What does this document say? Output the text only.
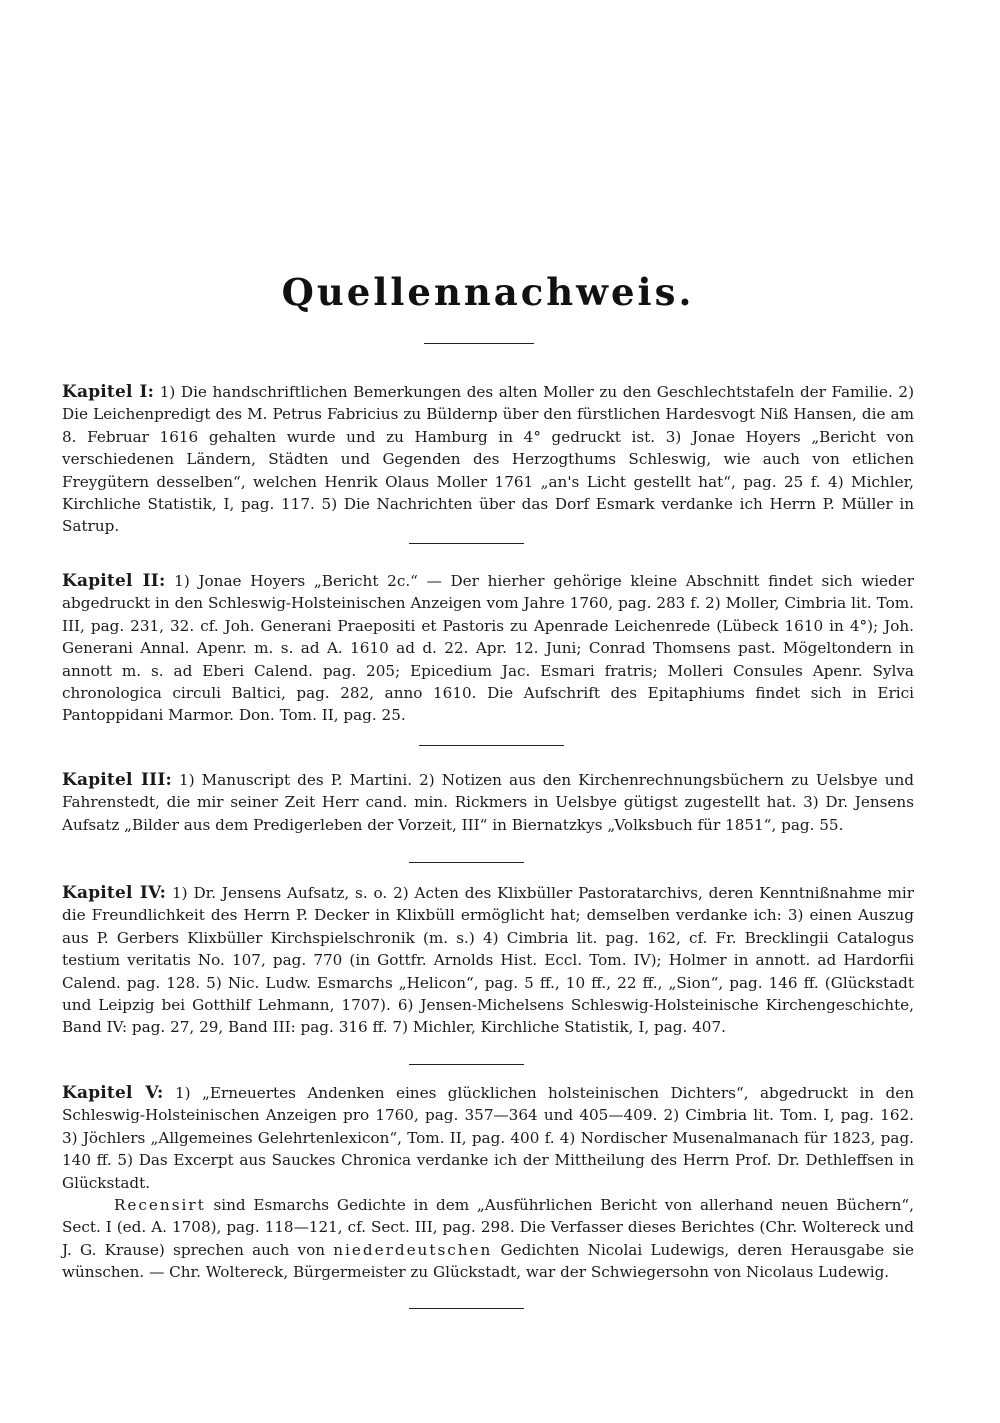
Quellennachweis.
Kapitel I: 1) Die handschriftlichen Bemerkungen des alten Moller zu den Geschlechtstafeln der Familie. 2) Die Leichenpredigt des M. Petrus Fabricius zu Büldernp über den fürstlichen Hardesvogt Niß Hansen, die am 8. Februar 1616 gehalten wurde und zu Hamburg in 4° gedruckt ist. 3) Jonae Hoyers „Bericht von verschiedenen Ländern, Städten und Gegenden des Herzogthums Schleswig, wie auch von etlichen Freygütern desselben“, welchen Henrik Olaus Moller 1761 „an's Licht gestellt hat“, pag. 25 f. 4) Michler, Kirchliche Statistik, I, pag. 117. 5) Die Nachrichten über das Dorf Esmark verdanke ich Herrn P. Müller in Satrup.
Kapitel II: 1) Jonae Hoyers „Bericht 2c.“ — Der hierher gehörige kleine Abschnitt findet sich wieder abgedruckt in den Schleswig-Holsteinischen Anzeigen vom Jahre 1760, pag. 283 f. 2) Moller, Cimbria lit. Tom. III, pag. 231, 32. cf. Joh. Generani Praepositi et Pastoris zu Apenrade Leichenrede (Lübeck 1610 in 4°); Joh. Generani Annal. Apenr. m. s. ad A. 1610 ad d. 22. Apr. 12. Juni; Conrad Thomsens past. Mögeltondern in annott m. s. ad Eberi Calend. pag. 205; Epicedium Jac. Esmari fratris; Molleri Consules Apenr. Sylva chronologica circuli Baltici, pag. 282, anno 1610. Die Aufschrift des Epitaphiums findet sich in Erici Pantoppidani Marmor. Don. Tom. II, pag. 25.
Kapitel III: 1) Manuscript des P. Martini. 2) Notizen aus den Kirchenrechnungsbüchern zu Uelsbye und Fahrenstedt, die mir seiner Zeit Herr cand. min. Rickmers in Uelsbye gütigst zugestellt hat. 3) Dr. Jensens Aufsatz „Bilder aus dem Predigerleben der Vorzeit, III“ in Biernatzkys „Volksbuch für 1851“, pag. 55.
Kapitel IV: 1) Dr. Jensens Aufsatz, s. o. 2) Acten des Klixbüller Pastoratarchivs, deren Kenntnißnahme mir die Freundlichkeit des Herrn P. Decker in Klixbüll ermöglicht hat; demselben verdanke ich: 3) einen Auszug aus P. Gerbers Klixbüller Kirchspielschronik (m. s.) 4) Cimbria lit. pag. 162, cf. Fr. Brecklingii Catalogus testium veritatis No. 107, pag. 770 (in Gottfr. Arnolds Hist. Eccl. Tom. IV); Holmer in annott. ad Hardorfii Calend. pag. 128. 5) Nic. Ludw. Esmarchs „Helicon“, pag. 5 ff., 10 ff., 22 ff., „Sion“, pag. 146 ff. (Glückstadt und Leipzig bei Gotthilf Lehmann, 1707). 6) Jensen-Michelsens Schleswig-Holsteinische Kirchengeschichte, Band IV: pag. 27, 29, Band III: pag. 316 ff. 7) Michler, Kirchliche Statistik, I, pag. 407.
Kapitel V: 1) „Erneuertes Andenken eines glücklichen holsteinischen Dichters“, abgedruckt in den Schleswig-Holsteinischen Anzeigen pro 1760, pag. 357—364 und 405—409. 2) Cimbria lit. Tom. I, pag. 162. 3) Jöchlers „Allgemeines Gelehrtenlexicon“, Tom. II, pag. 400 f. 4) Nordischer Musenalmanach für 1823, pag. 140 ff. 5) Das Excerpt aus Sauckes Chronica verdanke ich der Mittheilung des Herrn Prof. Dr. Dethleffsen in Glückstadt.
Recensirt sind Esmarchs Gedichte in dem „Ausführlichen Bericht von allerhand neuen Büchern“, Sect. I (ed. A. 1708), pag. 118—121, cf. Sect. III, pag. 298. Die Verfasser dieses Berichtes (Chr. Woltereck und J. G. Krause) sprechen auch von niederdeutschen Gedichten Nicolai Ludewigs, deren Herausgabe sie wünschen. — Chr. Woltereck, Bürgermeister zu Glückstadt, war der Schwiegersohn von Nicolaus Ludewig.
